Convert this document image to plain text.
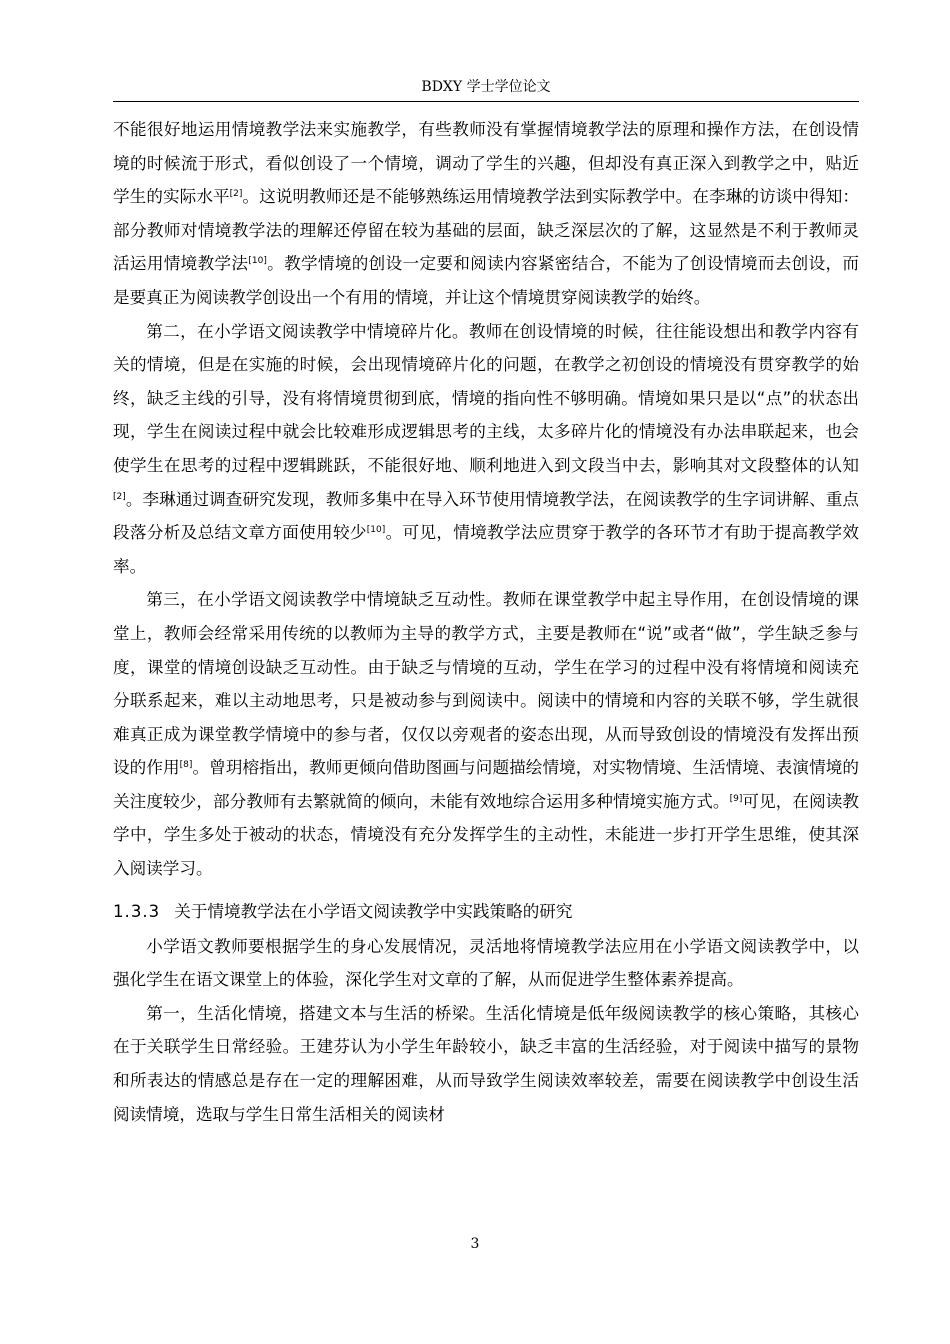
BDXY 学士学位论文

不能很好地运用情境教学法来实施教学，有些教师没有掌握情境教学法的原理和操作方法，在创设情境的时候流于形式，看似创设了一个情境，调动了学生的兴趣，但却没有真正深入到教学之中，贴近学生的实际水平[2]。这说明教师还是不能够熟练运用情境教学法到实际教学中。在李琳的访谈中得知：部分教师对情境教学法的理解还停留在较为基础的层面，缺乏深层次的了解，这显然是不利于教师灵活运用情境教学法[10]。教学情境的创设一定要和阅读内容紧密结合，不能为了创设情境而去创设，而是要真正为阅读教学创设出一个有用的情境，并让这个情境贯穿阅读教学的始终。

第二，在小学语文阅读教学中情境碎片化。教师在创设情境的时候，往往能设想出和教学内容有关的情境，但是在实施的时候，会出现情境碎片化的问题，在教学之初创设的情境没有贯穿教学的始终，缺乏主线的引导，没有将情境贯彻到底，情境的指向性不够明确。情境如果只是以“点”的状态出现，学生在阅读过程中就会比较难形成逻辑思考的主线，太多碎片化的情境没有办法串联起来，也会使学生在思考的过程中逻辑跳跃，不能很好地、顺利地进入到文段当中去，影响其对文段整体的认知[2]。李琳通过调查研究发现，教师多集中在导入环节使用情境教学法，在阅读教学的生字词讲解、重点段落分析及总结文章方面使用较少[10]。可见，情境教学法应贯穿于教学的各环节才有助于提高教学效率。

第三，在小学语文阅读教学中情境缺乏互动性。教师在课堂教学中起主导作用，在创设情境的课堂上，教师会经常采用传统的以教师为主导的教学方式，主要是教师在“说”或者“做”，学生缺乏参与度，课堂的情境创设缺乏互动性。由于缺乏与情境的互动，学生在学习的过程中没有将情境和阅读充分联系起来，难以主动地思考，只是被动参与到阅读中。阅读中的情境和内容的关联不够，学生就很难真正成为课堂教学情境中的参与者，仅仅以旁观者的姿态出现，从而导致创设的情境没有发挥出预设的作用[8]。曾玥榕指出，教师更倾向借助图画与问题描绘情境，对实物情境、生活情境、表演情境的关注度较少，部分教师有去繁就简的倾向，未能有效地综合运用多种情境实施方式。[9]可见，在阅读教学中，学生多处于被动的状态，情境没有充分发挥学生的主动性，未能进一步打开学生思维，使其深入阅读学习。

1.3.3 关于情境教学法在小学语文阅读教学中实践策略的研究

小学语文教师要根据学生的身心发展情况，灵活地将情境教学法应用在小学语文阅读教学中，以强化学生在语文课堂上的体验，深化学生对文章的了解，从而促进学生整体素养提高。

第一，生活化情境，搭建文本与生活的桥梁。生活化情境是低年级阅读教学的核心策略，其核心在于关联学生日常经验。王建芬认为小学生年龄较小，缺乏丰富的生活经验，对于阅读中描写的景物和所表达的情感总是存在一定的理解困难，从而导致学生阅读效率较差，需要在阅读教学中创设生活阅读情境，选取与学生日常生活相关的阅读材

3
